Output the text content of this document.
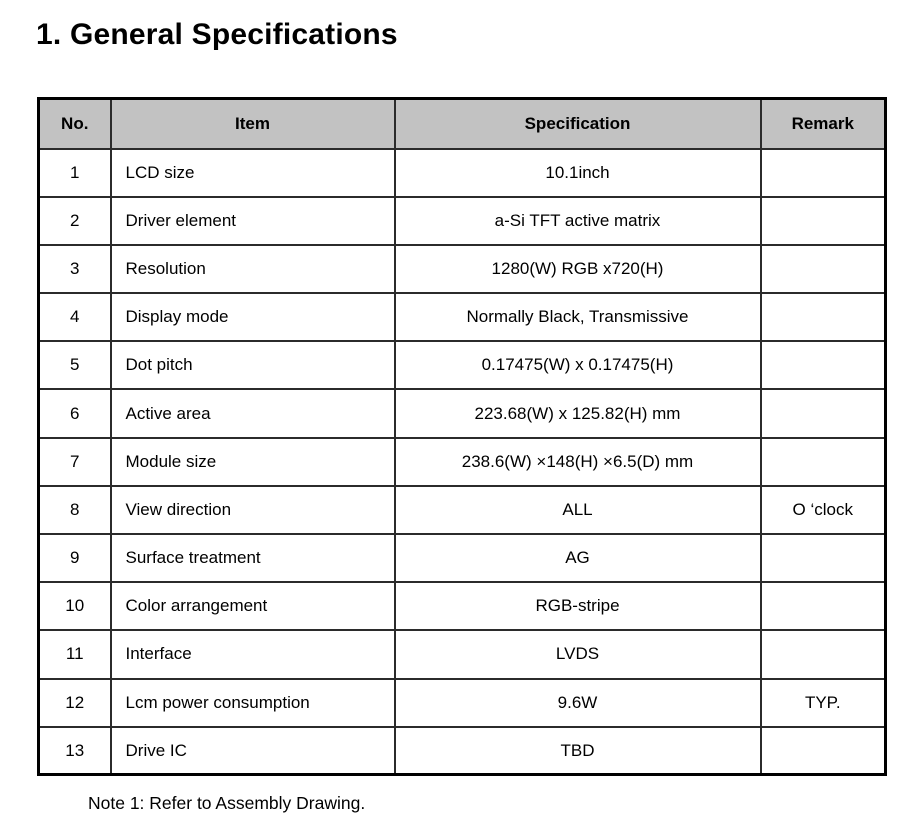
1. General Specifications
No.	Item	Specification	Remark
1	LCD size	10.1inch	
2	Driver element	a-Si TFT active matrix	
3	Resolution	1280(W) RGB x720(H)	
4	Display mode	Normally Black, Transmissive	
5	Dot pitch	0.17475(W) x 0.17475(H)	
6	Active area	223.68(W) x 125.82(H) mm	
7	Module size	238.6(W) ×148(H) ×6.5(D) mm	
8	View direction	ALL	O ‘clock
9	Surface treatment	AG	
10	Color arrangement	RGB-stripe	
11	Interface	LVDS	
12	Lcm power consumption	9.6W	TYP.
13	Drive IC	TBD	
Note 1: Refer to Assembly Drawing.
